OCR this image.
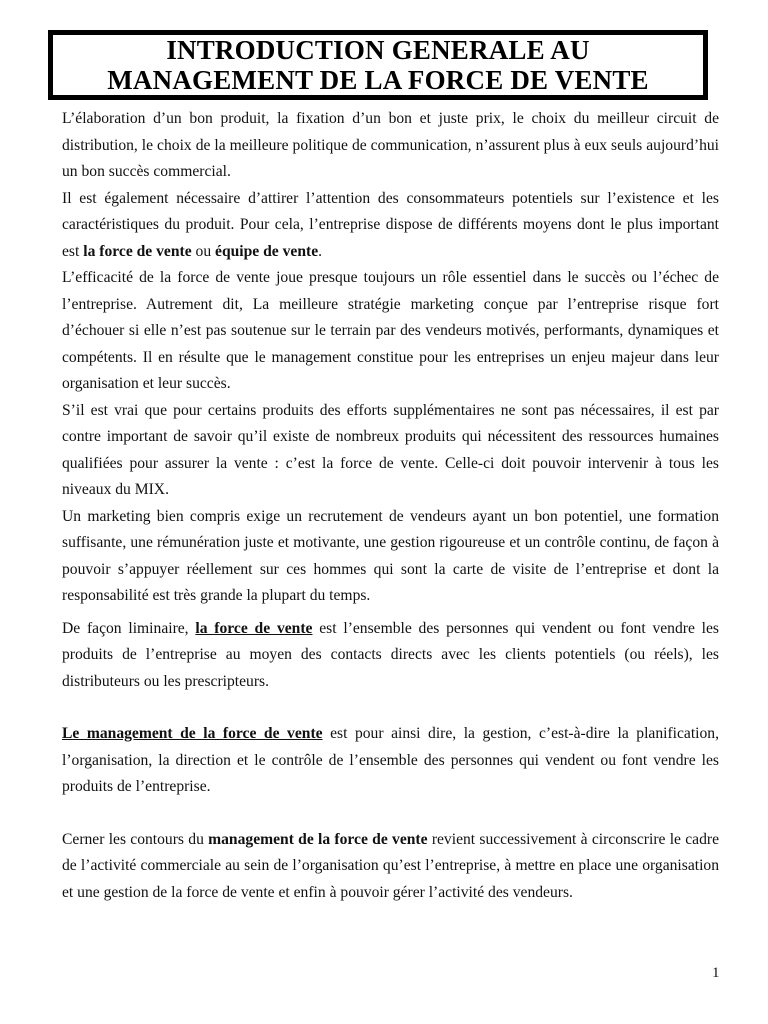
INTRODUCTION GENERALE AU
MANAGEMENT DE LA FORCE DE VENTE

L’élaboration d’un bon produit, la fixation d’un bon et juste prix, le choix du meilleur circuit de distribution, le choix de la meilleure politique de communication, n’assurent plus à eux seuls aujourd’hui un bon succès commercial.

Il est également nécessaire d’attirer l’attention des consommateurs potentiels sur l’existence et les caractéristiques du produit. Pour cela, l’entreprise dispose de différents moyens dont le plus important est la force de vente ou équipe de vente.

L’efficacité de la force de vente joue presque toujours un rôle essentiel dans le succès ou l’échec de l’entreprise. Autrement dit, La meilleure stratégie marketing conçue par l’entreprise risque fort d’échouer si elle n’est pas soutenue sur le terrain par des vendeurs motivés, performants, dynamiques et compétents. Il en résulte que le management constitue pour les entreprises un enjeu majeur dans leur organisation et leur succès.

S’il est vrai que pour certains produits des efforts supplémentaires ne sont pas nécessaires, il est par contre important de savoir qu’il existe de nombreux produits qui nécessitent des ressources humaines qualifiées pour assurer la vente : c’est la force de vente. Celle-ci doit pouvoir intervenir à tous les niveaux du MIX.

Un marketing bien compris exige un recrutement de vendeurs ayant un bon potentiel, une formation suffisante, une rémunération juste et motivante, une gestion rigoureuse et un contrôle continu, de façon à pouvoir s’appuyer réellement sur ces hommes qui sont la carte de visite de l’entreprise et dont la responsabilité est très grande la plupart du temps.

De façon liminaire, la force de vente est l’ensemble des personnes qui vendent ou font vendre les produits de l’entreprise au moyen des contacts directs avec les clients potentiels (ou réels), les distributeurs ou les prescripteurs.

Le management de la force de vente est pour ainsi dire, la gestion, c’est-à-dire la planification, l’organisation, la direction et le contrôle de l’ensemble des personnes qui vendent ou font vendre les produits de l’entreprise.

Cerner les contours du management de la force de vente revient successivement à circonscrire le cadre de l’activité commerciale au sein de l’organisation qu’est l’entreprise, à mettre en place une organisation et une gestion de la force de vente et enfin à pouvoir gérer l’activité des vendeurs.

1
